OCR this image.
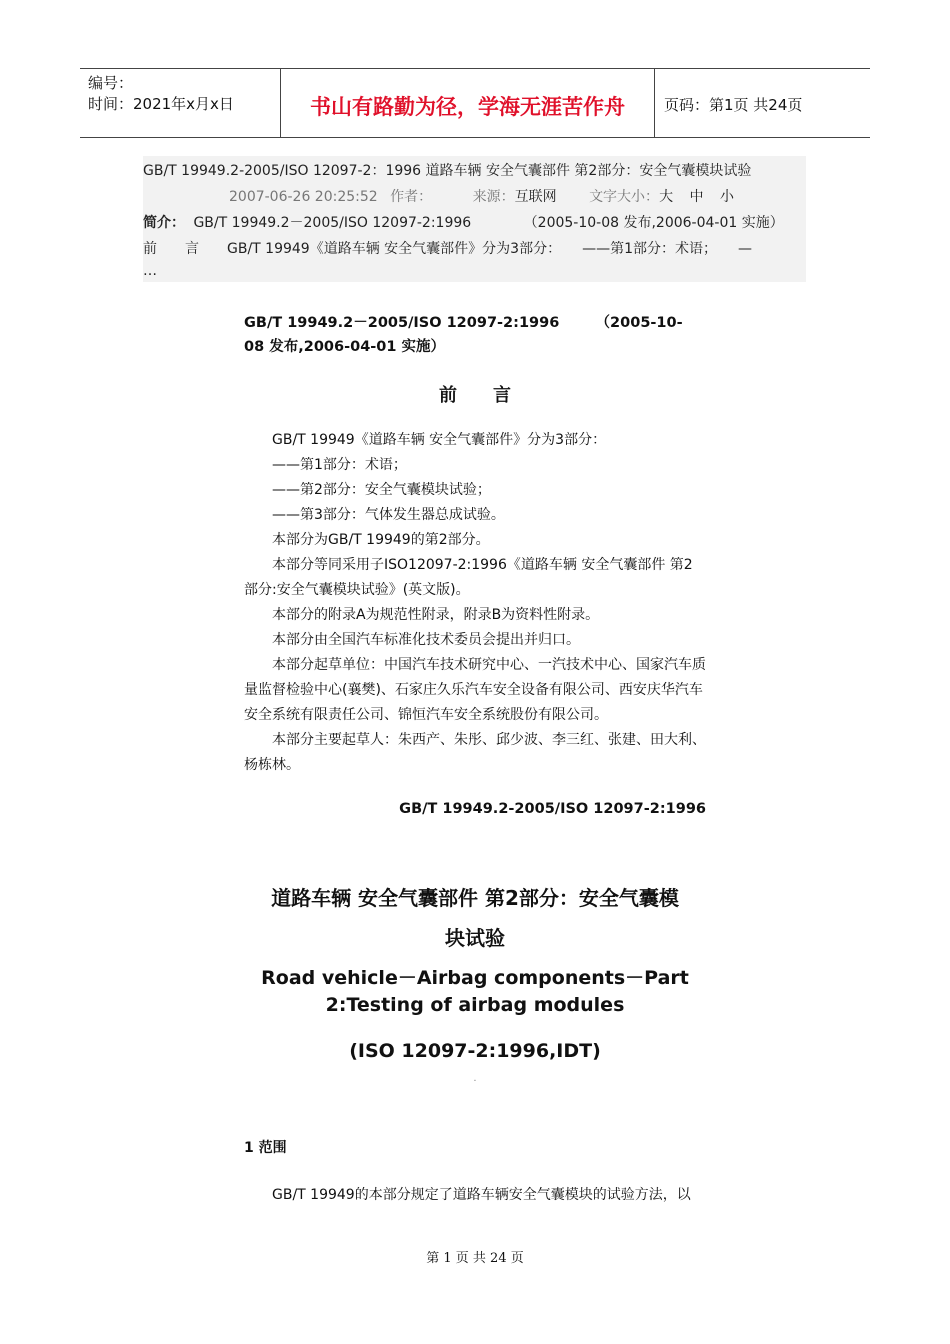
编号：
时间：2021年x月x日	书山有路勤为径，学海无涯苦作舟	页码：第1页 共24页
GB/T 19949.2-2005/ISO 12097-2：1996 道路车辆 安全气囊部件 第2部分：安全气囊模块试验
2007-06-26 20:25:52 作者：	来源：互联网 文字大小：大 中 小
简介： GB/T 19949.2－2005/ISO 12097-2:1996	（2005-10-08 发布,2006-04-01 实施）
前　　言　　GB/T 19949《道路车辆 安全气囊部件》分为3部分：　　——第1部分：术语；　　—
…
GB/T 19949.2－2005/ISO 12097-2:1996　　　（2005-10-
08 发布,2006-04-01 实施）
前　　言

GB/T 19949《道路车辆 安全气囊部件》分为3部分：

——第1部分：术语；

——第2部分：安全气囊模块试验；

——第3部分：气体发生器总成试验。

本部分为GB/T 19949的第2部分。

本部分等同采用子ISO12097-2:1996《道路车辆 安全气囊部件 第2部分:安全气囊模块试验》(英文版)。

本部分的附录A为规范性附录，附录B为资料性附录。

本部分由全国汽车标准化技术委员会提出并归口。

本部分起草单位：中国汽车技术研究中心、一汽技术中心、国家汽车质量监督检验中心(襄樊)、石家庄久乐汽车安全设备有限公司、西安庆华汽车安全系统有限责任公司、锦恒汽车安全系统股份有限公司。

本部分主要起草人：朱西产、朱彤、邱少波、李三红、张建、田大利、杨栋林。

GB/T 19949.2-2005/ISO 12097-2:1996
道路车辆 安全气囊部件 第2部分：安全气囊模
块试验
Road vehicle－Airbag components－Part
2:Testing of airbag modules
(ISO 12097-2:1996,IDT)
·
1 范围
GB/T 19949的本部分规定了道路车辆安全气囊模块的试验方法，以
第 1 页 共 24 页
